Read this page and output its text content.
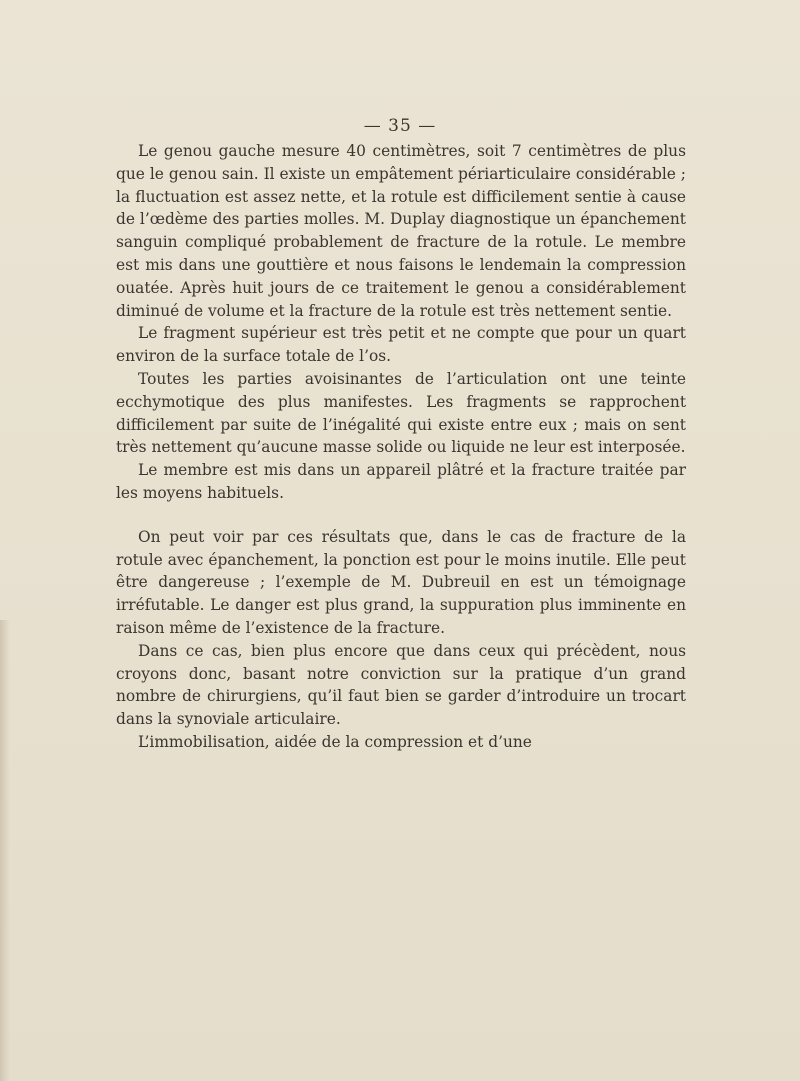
— 35 —

Le genou gauche mesure 40 centimètres, soit 7 centimètres de plus que le genou sain. Il existe un empâtement périarticulaire considérable ; la fluctuation est assez nette, et la rotule est difficilement sentie à cause de l’œdème des parties molles. M. Duplay diagnostique un épanchement sanguin compliqué probablement de fracture de la rotule. Le membre est mis dans une gouttière et nous faisons le lendemain la compression ouatée. Après huit jours de ce traitement le genou a considérablement diminué de volume et la fracture de la rotule est très nettement sentie.

Le fragment supérieur est très petit et ne compte que pour un quart environ de la surface totale de l’os.

Toutes les parties avoisinantes de l’articulation ont une teinte ecchymotique des plus manifestes. Les fragments se rapprochent difficilement par suite de l’inégalité qui existe entre eux ; mais on sent très nettement qu’aucune masse solide ou liquide ne leur est interposée.

Le membre est mis dans un appareil plâtré et la fracture traitée par les moyens habituels.

On peut voir par ces résultats que, dans le cas de fracture de la rotule avec épanchement, la ponction est pour le moins inutile. Elle peut être dangereuse ; l’exemple de M. Dubreuil en est un témoignage irréfutable. Le danger est plus grand, la suppuration plus imminente en raison même de l’existence de la fracture.

Dans ce cas, bien plus encore que dans ceux qui précèdent, nous croyons donc, basant notre conviction sur la pratique d’un grand nombre de chirurgiens, qu’il faut bien se garder d’introduire un trocart dans la synoviale articulaire.

L’immobilisation, aidée de la compression et d’une
